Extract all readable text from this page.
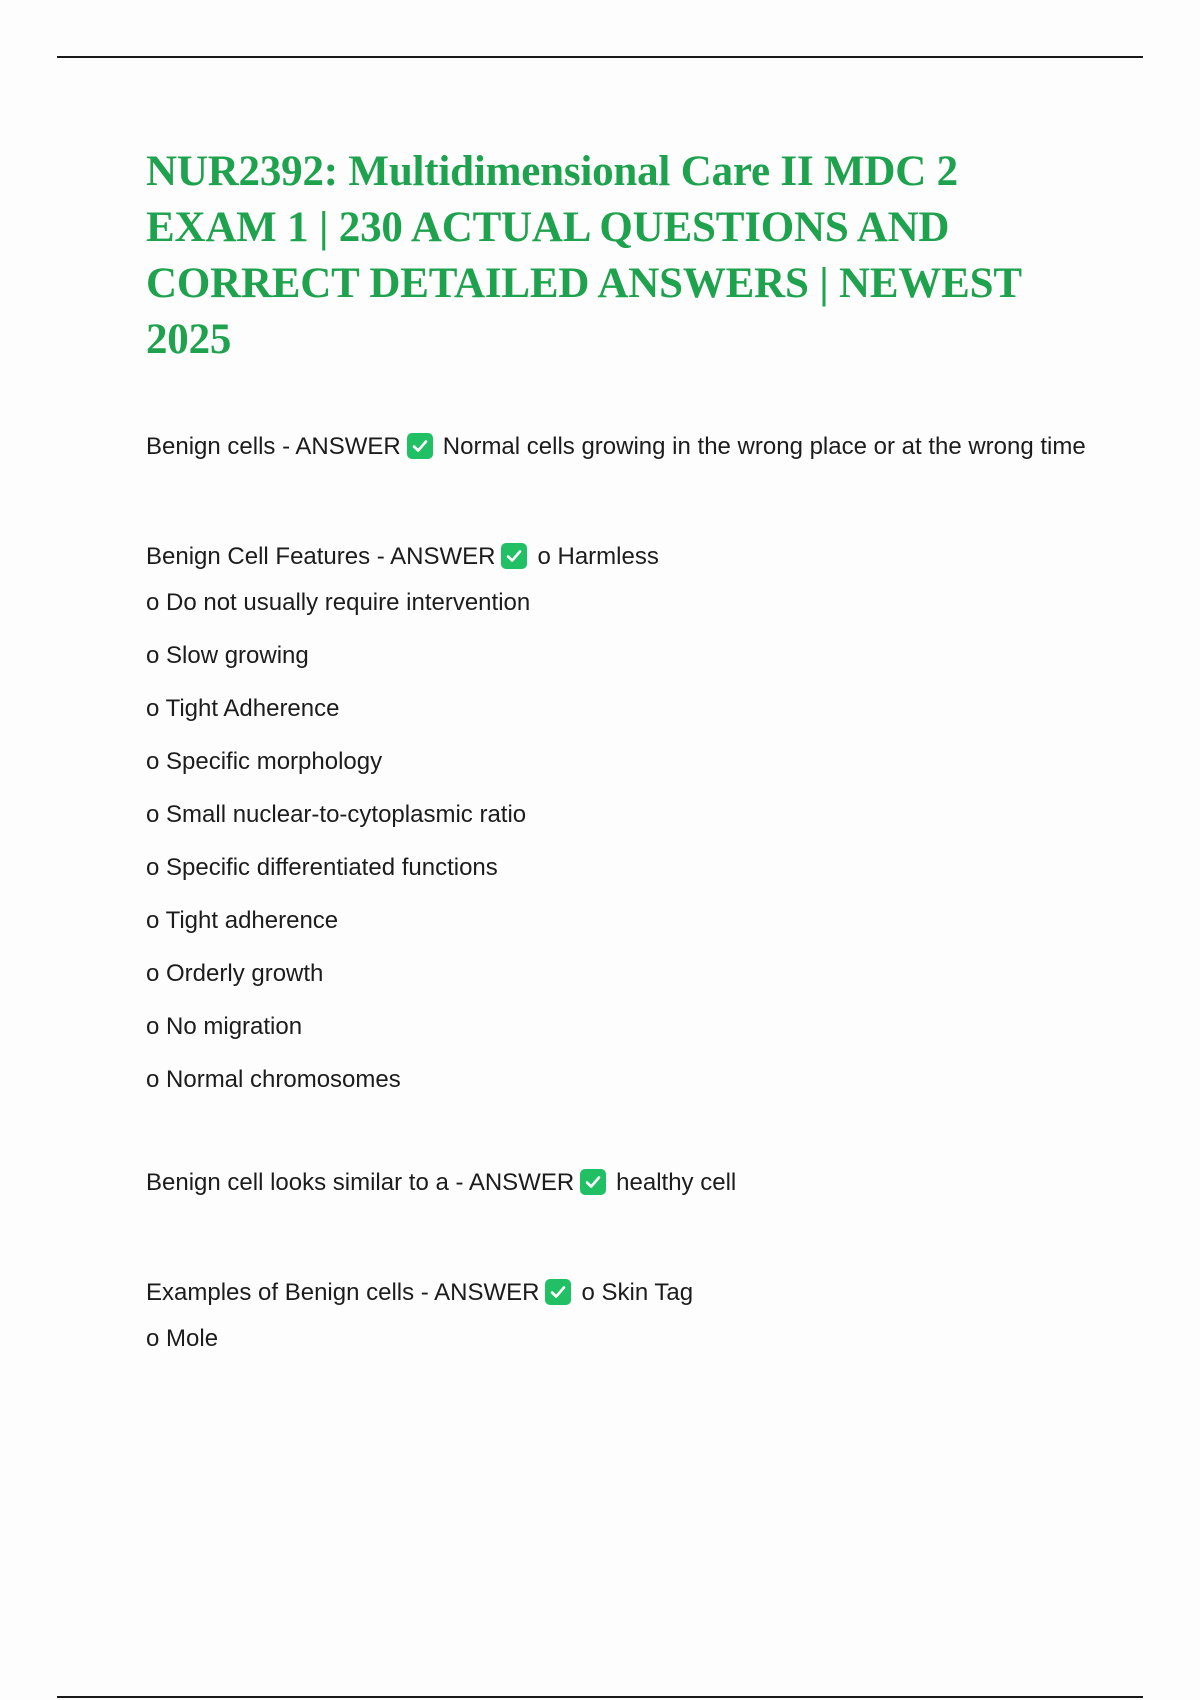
NUR2392: Multidimensional Care II MDC 2 EXAM 1 | 230 ACTUAL QUESTIONS AND CORRECT DETAILED ANSWERS | NEWEST 2025
Benign cells - ANSWER Normal cells growing in the wrong place or at the wrong time
Benign Cell Features - ANSWER o Harmless
o Do not usually require intervention
o Slow growing
o Tight Adherence
o Specific morphology
o Small nuclear-to-cytoplasmic ratio
o Specific differentiated functions
o Tight adherence
o Orderly growth
o No migration
o Normal chromosomes
Benign cell looks similar to a - ANSWER healthy cell
Examples of Benign cells - ANSWER o Skin Tag
o Mole
